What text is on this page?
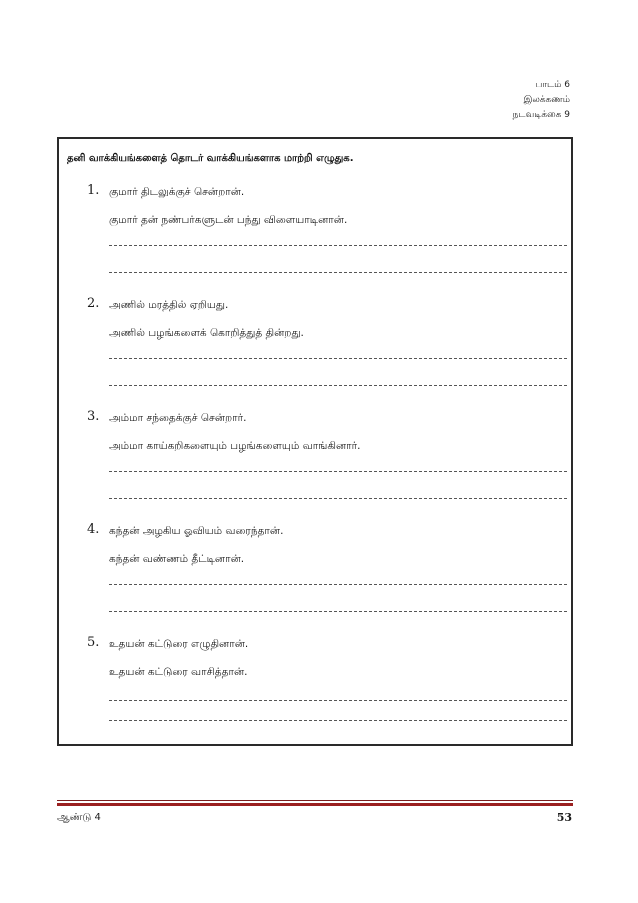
பாடம் 6
இலக்கணம்
நடவடிக்கை 9
தனி வாக்கியங்களைத் தொடர் வாக்கியங்களாக மாற்றி எழுதுக.
1. குமார் திடலுக்குச் சென்றான்.
குமார் தன் நண்பர்களுடன் பந்து விளையாடினான்.
2. அணில் மரத்தில் ஏறியது.
அணில் பழங்களைக் கொறித்துத் தின்றது.
3. அம்மா சந்தைக்குச் சென்றார்.
அம்மா காய்கறிகளையும் பழங்களையும் வாங்கினார்.
4. கந்தன் அழகிய ஓவியம் வரைந்தான்.
கந்தன் வண்ணம் தீட்டினான்.
5. உதயன் கட்டுரை எழுதினான்.
உதயன் கட்டுரை வாசித்தான்.
ஆண்டு 4	53
